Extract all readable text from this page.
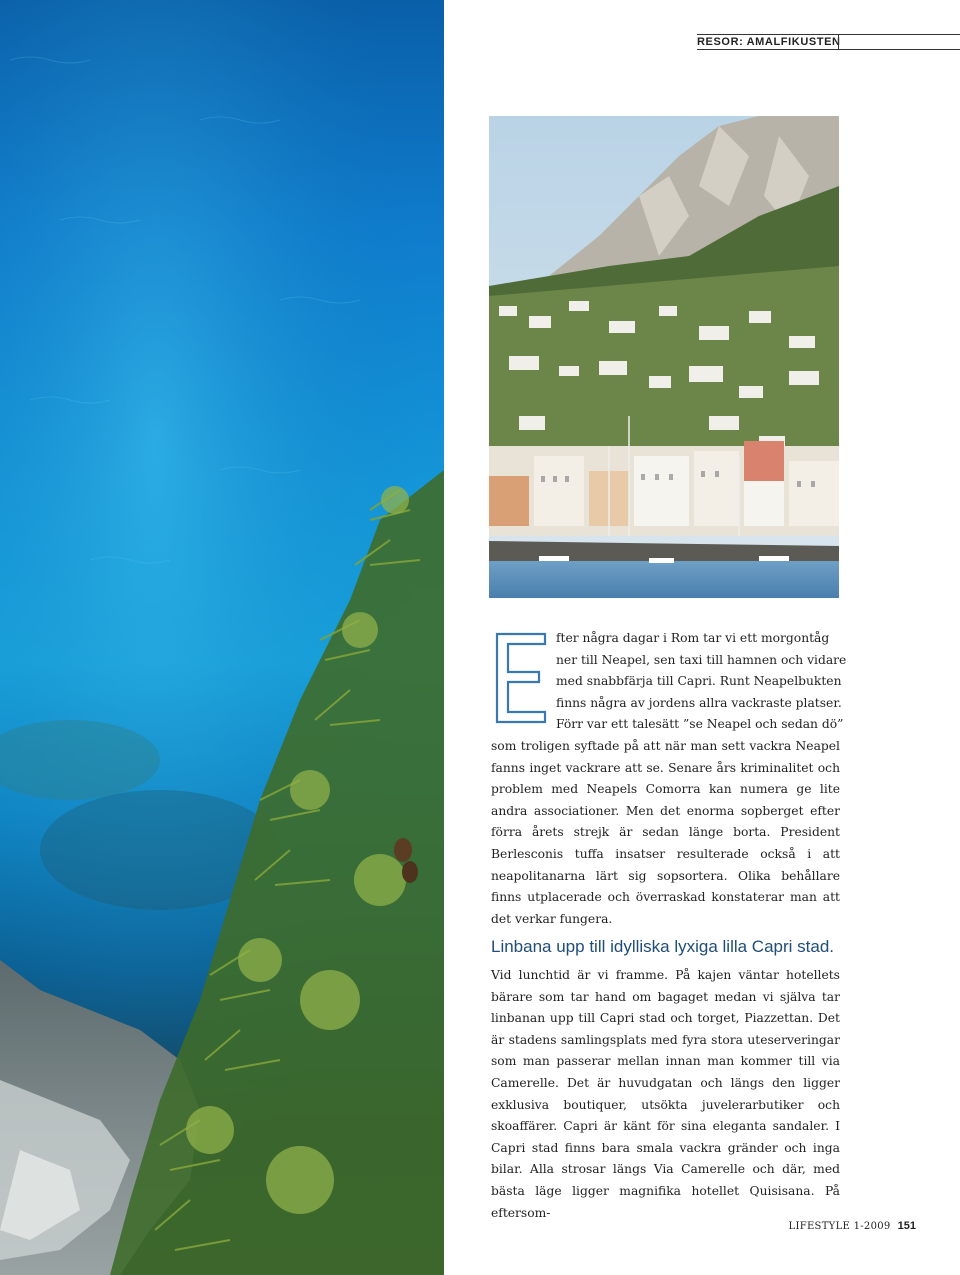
RESOR: AMALFIKUSTEN
fter några dagar i Rom tar vi ett morgontåg
ner till Neapel, sen taxi till hamnen och vidare
med snabbfärja till Capri. Runt Neapelbukten
finns några av jordens allra vackraste platser.
Förr var ett talesätt ”se Neapel och sedan dö”

som troligen syftade på att när man sett vackra Neapel fanns inget vackrare att se. Senare års kriminalitet och problem med Neapels Comorra kan numera ge lite andra associationer. Men det enorma sopberget efter förra årets strejk är sedan länge borta. President Berlesconis tuffa insatser resulterade också i att neapolitanarna lärt sig sopsortera. Olika behållare finns utplacerade och överraskad konstaterar man att det verkar fungera.

Linbana upp till idylliska lyxiga lilla Capri stad.

Vid lunchtid är vi framme. På kajen väntar hotellets bärare som tar hand om bagaget medan vi själva tar linbanan upp till Capri stad och torget, Piazzettan. Det är stadens samlingsplats med fyra stora uteserveringar som man passerar mellan innan man kommer till via Camerelle. Det är huvudgatan och längs den ligger exklusiva boutiquer, utsökta juvelerarbutiker och skoaffärer. Capri är känt för sina eleganta sandaler. I Capri stad finns bara smala vackra gränder och inga bilar. Alla strosar längs Via Camerelle och där, med bästa läge ligger magnifika hotellet Quisisana. På eftersom-

LIFESTYLE 1-2009 151
